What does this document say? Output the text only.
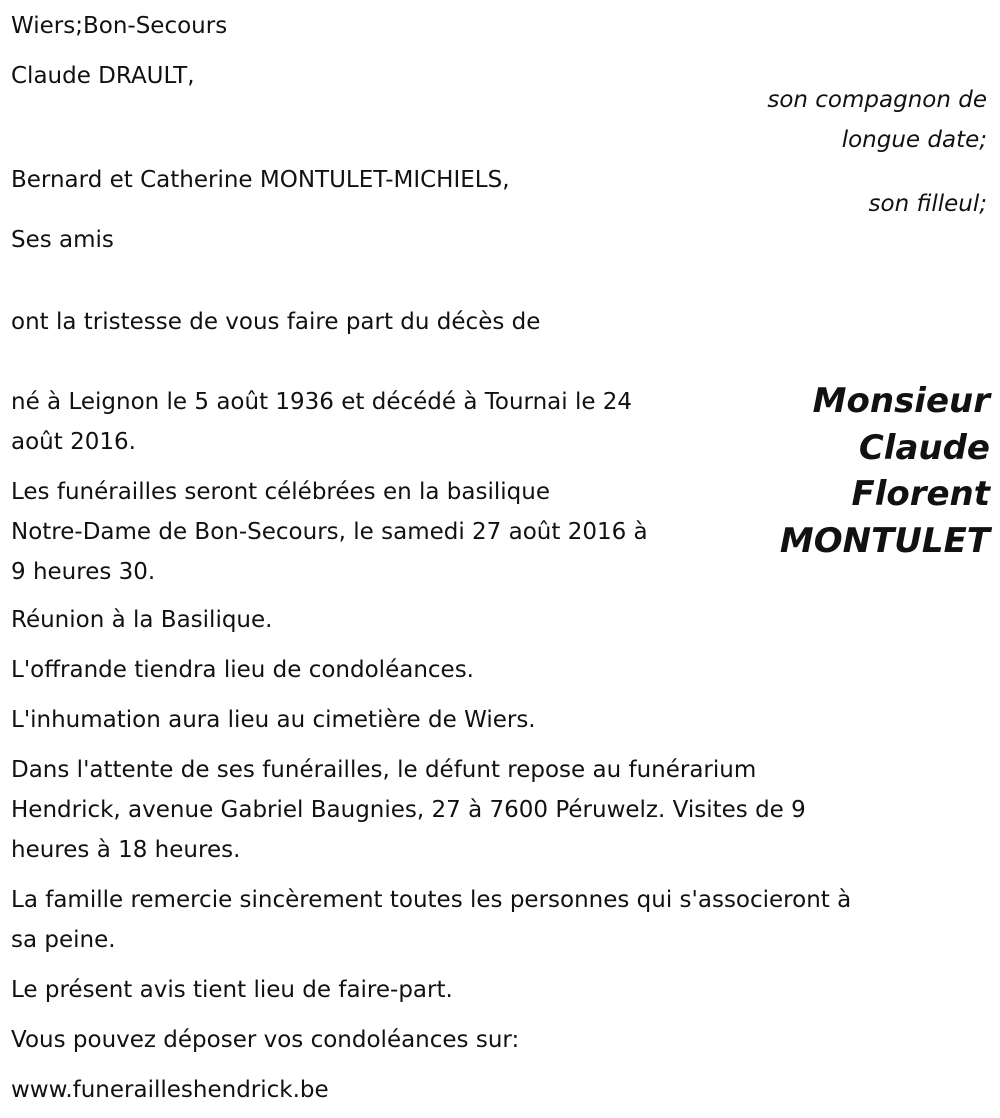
Wiers;Bon-Secours
Claude DRAULT,
son compagnon de
longue date;
Bernard et Catherine MONTULET-MICHIELS,
son filleul;
Ses amis
ont la tristesse de vous faire part du décès de
né à Leignon le 5 août 1936 et décédé à Tournai le 24
août 2016.
Les funérailles seront célébrées en la basilique
Notre-Dame de Bon-Secours, le samedi 27 août 2016 à
9 heures 30.
Monsieur
Claude
Florent
MONTULET
Réunion à la Basilique.
L'offrande tiendra lieu de condoléances.
L'inhumation aura lieu au cimetière de Wiers.
Dans l'attente de ses funérailles, le défunt repose au funérarium
Hendrick, avenue Gabriel Baugnies, 27 à 7600 Péruwelz. Visites de 9
heures à 18 heures.
La famille remercie sincèrement toutes les personnes qui s'associeront à
sa peine.
Le présent avis tient lieu de faire-part.
Vous pouvez déposer vos condoléances sur:
www.funerailleshendrick.be
